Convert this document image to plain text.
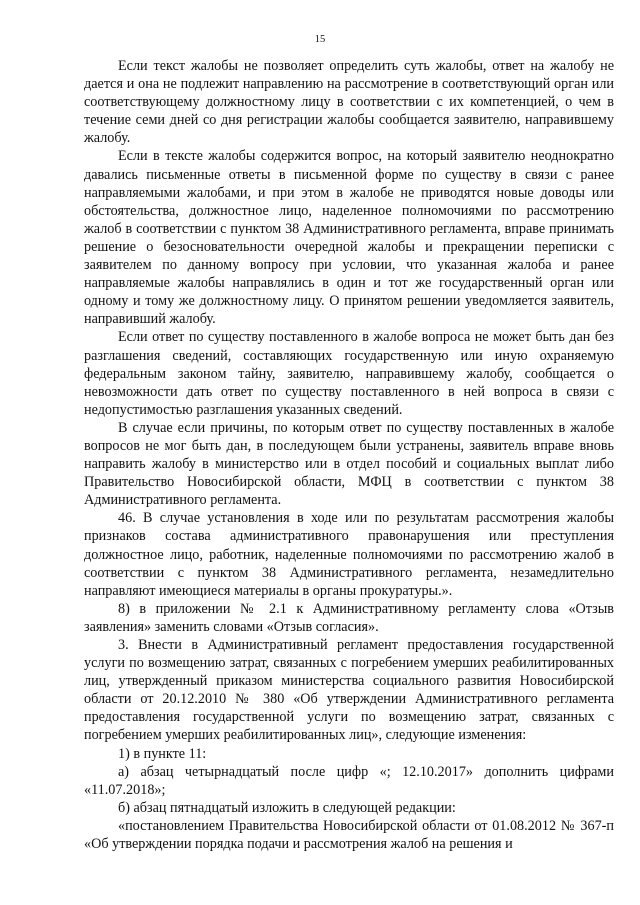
15

Если текст жалобы не позволяет определить суть жалобы, ответ на жалобу не дается и она не подлежит направлению на рассмотрение в соответствующий орган или соответствующему должностному лицу в соответствии с их компетенцией, о чем в течение семи дней со дня регистрации жалобы сообщается заявителю, направившему жалобу.

Если в тексте жалобы содержится вопрос, на который заявителю неоднократно давались письменные ответы в письменной форме по существу в связи с ранее направляемыми жалобами, и при этом в жалобе не приводятся новые доводы или обстоятельства, должностное лицо, наделенное полномочиями по рассмотрению жалоб в соответствии с пунктом 38 Административного регламента, вправе принимать решение о безосновательности очередной жалобы и прекращении переписки с заявителем по данному вопросу при условии, что указанная жалоба и ранее направляемые жалобы направлялись в один и тот же государственный орган или одному и тому же должностному лицу. О принятом решении уведомляется заявитель, направивший жалобу.

Если ответ по существу поставленного в жалобе вопроса не может быть дан без разглашения сведений, составляющих государственную или иную охраняемую федеральным законом тайну, заявителю, направившему жалобу, сообщается о невозможности дать ответ по существу поставленного в ней вопроса в связи с недопустимостью разглашения указанных сведений.

В случае если причины, по которым ответ по существу поставленных в жалобе вопросов не мог быть дан, в последующем были устранены, заявитель вправе вновь направить жалобу в министерство или в отдел пособий и социальных выплат либо Правительство Новосибирской области, МФЦ в соответствии с пунктом 38 Административного регламента.

46. В случае установления в ходе или по результатам рассмотрения жалобы признаков состава административного правонарушения или преступления должностное лицо, работник, наделенные полномочиями по рассмотрению жалоб в соответствии с пунктом 38 Административного регламента, незамедлительно направляют имеющиеся материалы в органы прокуратуры.».

8) в приложении № 2.1 к Административному регламенту слова «Отзыв заявления» заменить словами «Отзыв согласия».

3. Внести в Административный регламент предоставления государственной услуги по возмещению затрат, связанных с погребением умерших реабилитированных лиц, утвержденный приказом министерства социального развития Новосибирской области от 20.12.2010 № 380 «Об утверждении Административного регламента предоставления государственной услуги по возмещению затрат, связанных с погребением умерших реабилитированных лиц», следующие изменения:

1) в пункте 11:

а) абзац четырнадцатый после цифр «; 12.10.2017» дополнить цифрами «11.07.2018»;

б) абзац пятнадцатый изложить в следующей редакции:

«постановлением Правительства Новосибирской области от 01.08.2012 № 367-п «Об утверждении порядка подачи и рассмотрения жалоб на решения и
